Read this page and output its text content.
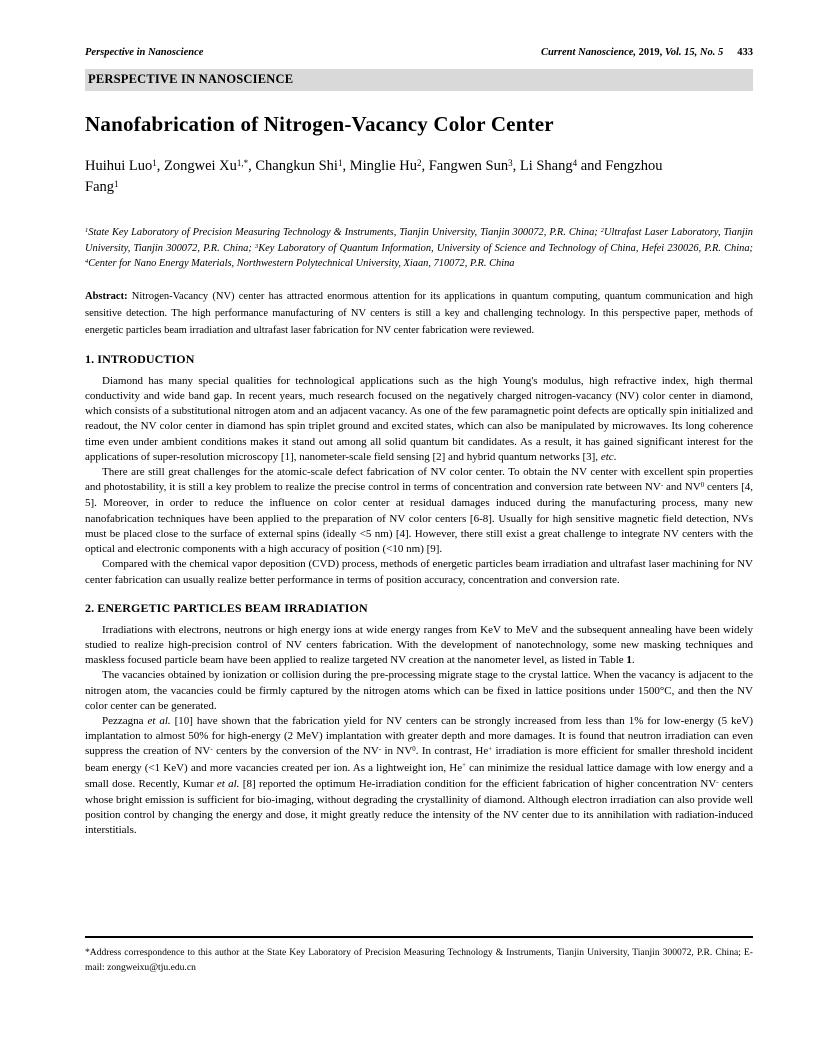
Perspective in Nanoscience	Current Nanoscience, 2019, Vol. 15, No. 5 433
PERSPECTIVE IN NANOSCIENCE
Nanofabrication of Nitrogen-Vacancy Color Center
Huihui Luo$^1$, Zongwei $Xu^{1,*}$, Changkun Shi$^1$, Minglie Hu$^2$, Fangwen Sun$^3$, Li Shang$^4$ and Fengzhou
Fang$^1$
$^1$State Key Laboratory of Precision Measuring Technology & Instruments, Tianjin University, Tianjin 300072, P.R. China; $^2$Ultrafast Laser Laboratory, Tianjin University, Tianjin 300072, P.R. China; $^3$Key Laboratory of Quantum Information, University of Science and Technology of China, Hefei 230026, P.R. China; $^4$Center for Nano Energy Materials, Northwestern Polytechnical University, Xiaan, 710072, P.R. China
Abstract: Nitrogen-Vacancy (NV) center has attracted enormous attention for its applications in quantum computing, quantum communication and high sensitive detection. The high performance manufacturing of NV centers is still a key and challenging technology. In this perspective paper, methods of energetic particles beam irradiation and ultrafast laser fabrication for NV center fabrication were reviewed.
1. INTRODUCTION

Diamond has many special qualities for technological applications such as the high Young's modulus, high refractive index, high thermal conductivity and wide band gap. In recent years, much research focused on the negatively charged nitrogen-vacancy (NV) color center in diamond, which consists of a substitutional nitrogen atom and an adjacent vacancy. As one of the few paramagnetic point defects are optically spin initialized and readout, the NV color center in diamond has spin triplet ground and excited states, which can also be manipulated by microwaves. Its long coherence time even under ambient conditions makes it stand out among all solid quantum bit candidates. As a result, it has gained significant interest for the applications of super-resolution microscopy [1], nanometer-scale field sensing [2] and hybrid quantum networks [3], etc.

There are still great challenges for the atomic-scale defect fabrication of NV color center. To obtain the NV center with excellent spin properties and photostability, it is still a key problem to realize the precise control in terms of concentration and conversion rate between NV- and $NV^0$ centers [4, 5]. Moreover, in order to reduce the influence on color center at residual damages induced during the manufacturing process, many new nanofabrication techniques have been applied to the preparation of NV color centers [6-8]. Usually for high sensitive magnetic field detection, NVs must be placed close to the surface of external spins (ideally <5 nm) [4]. However, there still exist a great challenge to integrate NV centers with the optical and electronic components with a high accuracy of position (<10 nm) [9].

Compared with the chemical vapor deposition (CVD) process, methods of energetic particles beam irradiation and ultrafast laser machining for NV center fabrication can usually realize better performance in terms of position accuracy, concentration and conversion rate.

2. ENERGETIC PARTICLES BEAM IRRADIATION

Irradiations with electrons, neutrons or high energy ions at wide energy ranges from KeV to MeV and the subsequent annealing have been widely studied to realize high-precision control of NV centers fabrication. With the development of nanotechnology, some new masking techniques and maskless focused particle beam have been applied to realize targeted NV creation at the nanometer level, as listed in Table 1.

The vacancies obtained by ionization or collision during the pre-processing migrate stage to the crystal lattice. When the vacancy is adjacent to the nitrogen atom, the vacancies could be firmly captured by the nitrogen atoms which can be fixed in lattice positions under 1500°C, and then the NV color center can be generated.

Pezzagna et al. [10] have shown that the fabrication yield for NV centers can be strongly increased from less than 1% for low-energy (5 keV) implantation to almost 50% for high-energy (2 MeV) implantation with greater depth and more damages. It is found that neutron irradiation can even suppress the creation of NV- centers by the conversion of the NV- in $NV^0$. In contrast, He+ irradiation is more efficient for smaller threshold incident beam energy (<1 KeV) and more vacancies created per ion. As a lightweight ion, He+ can minimize the residual lattice damage with low energy and a small dose. Recently, Kumar et al. [8] reported the optimum He-irradiation condition for the efficient fabrication of higher concentration NV- centers whose bright emission is sufficient for bio-imaging, without degrading the crystallinity of diamond. Although electron irradiation can also provide well position control by changing the energy and dose, it might greatly reduce the intensity of the NV center due to its annihilation with radiation-induced interstitials.

*Address correspondence to this author at the State Key Laboratory of Precision Measuring Technology & Instruments, Tianjin University, Tianjin 300072, P.R. China; E-mail: zongweixu@tju.edu.cn
